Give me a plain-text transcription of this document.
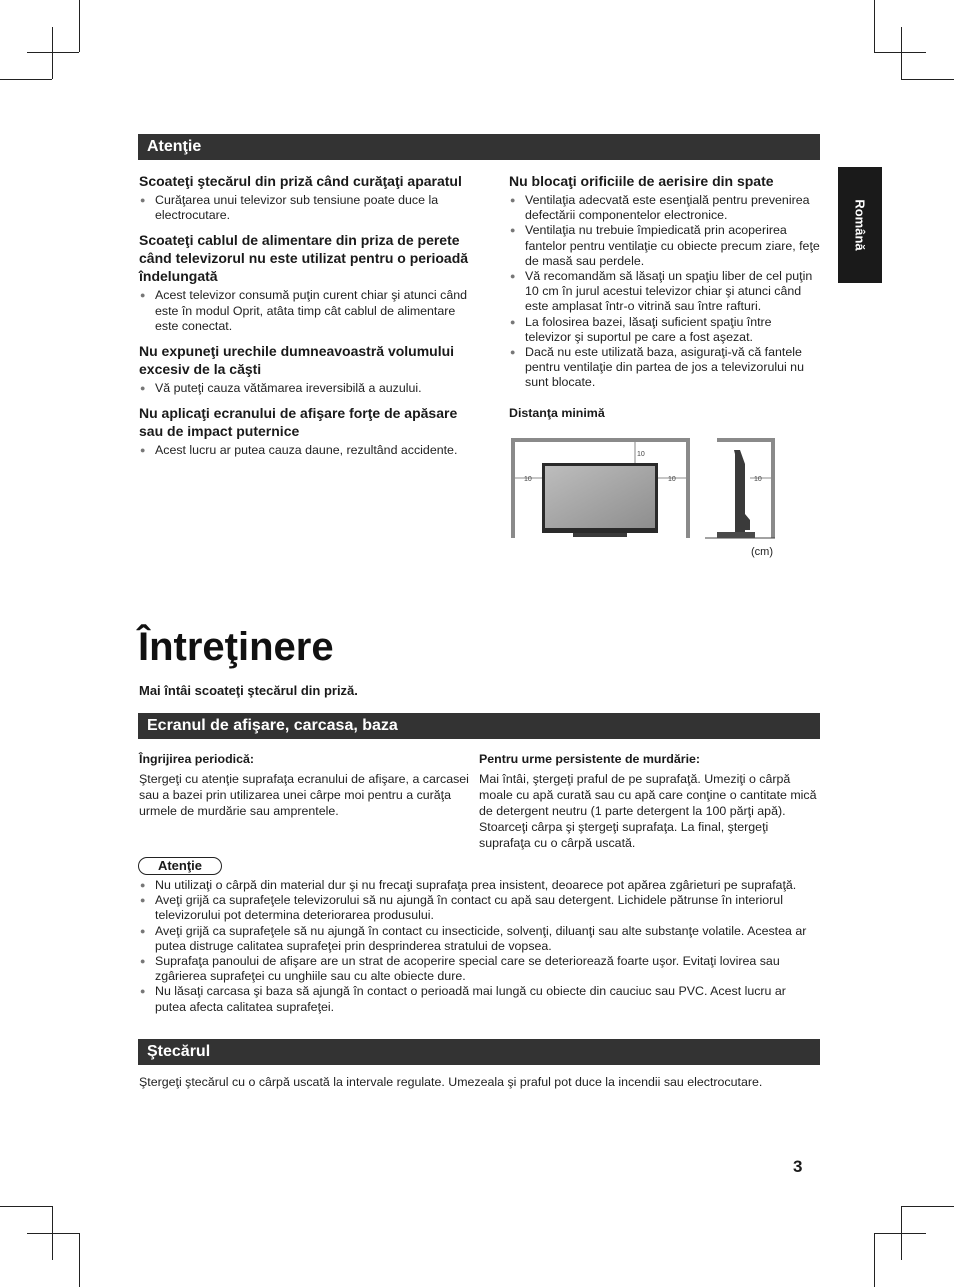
Română
Atenţie
Scoateţi ştecărul din priză când curăţaţi aparatul
● Curăţarea unui televizor sub tensiune poate duce la electrocutare.
Scoateţi cablul de alimentare din priza de perete când televizorul nu este utilizat pentru o perioadă îndelungată
● Acest televizor consumă puţin curent chiar şi atunci când este în modul Oprit, atâta timp cât cablul de alimentare este conectat.
Nu expuneţi urechile dumneavoastră volumului excesiv de la căşti
● Vă puteţi cauza vătămarea ireversibilă a auzului.
Nu aplicaţi ecranului de afişare forţe de apăsare sau de impact puternice
● Acest lucru ar putea cauza daune, rezultând accidente.
Nu blocaţi orificiile de aerisire din spate
● Ventilaţia adecvată este esenţială pentru prevenirea defectării componentelor electronice.
● Ventilaţia nu trebuie împiedicată prin acoperirea fantelor pentru ventilaţie cu obiecte precum ziare, feţe de masă sau perdele.
● Vă recomandăm să lăsaţi un spaţiu liber de cel puţin 10 cm în jurul acestui televizor chiar şi atunci când este amplasat într-o vitrină sau între rafturi.
● La folosirea bazei, lăsaţi suficient spaţiu între televizor şi suportul pe care a fost aşezat.
● Dacă nu este utilizată baza, asiguraţi-vă că fantele pentru ventilaţie din partea de jos a televizorului nu sunt blocate.
Distanţa minimă
10
10	10	10
(cm)
Întreţinere
Mai întâi scoateţi ştecărul din priză.
Ecranul de afişare, carcasa, baza
Îngrijirea periodică:
Ştergeţi cu atenţie suprafaţa ecranului de afişare, a carcasei sau a bazei prin utilizarea unei cârpe moi pentru a curăţa urmele de murdărie sau amprentele.
Pentru urme persistente de murdărie:
Mai întâi, ştergeţi praful de pe suprafaţă. Umeziţi o cârpă moale cu apă curată sau cu apă care conţine o cantitate mică de detergent neutru (1 parte detergent la 100 părţi apă). Stoarceţi cârpa şi ştergeţi suprafaţa. La final, ştergeţi suprafaţa cu o cârpă uscată.
Atenţie
● Nu utilizaţi o cârpă din material dur şi nu frecaţi suprafaţa prea insistent, deoarece pot apărea zgârieturi pe suprafaţă.
● Aveţi grijă ca suprafeţele televizorului să nu ajungă în contact cu apă sau detergent. Lichidele pătrunse în interiorul televizorului pot determina deteriorarea produsului.
● Aveţi grijă ca suprafeţele să nu ajungă în contact cu insecticide, solvenţi, diluanţi sau alte substanţe volatile. Acestea ar putea distruge calitatea suprafeţei prin desprinderea stratului de vopsea.
● Suprafaţa panoului de afişare are un strat de acoperire special care se deteriorează foarte uşor. Evitaţi lovirea sau zgârierea suprafeţei cu unghiile sau cu alte obiecte dure.
● Nu lăsaţi carcasa şi baza să ajungă în contact o perioadă mai lungă cu obiecte din cauciuc sau PVC. Acest lucru ar putea afecta calitatea suprafeţei.
Ştecărul
Ştergeţi ştecărul cu o cârpă uscată la intervale regulate. Umezeala şi praful pot duce la incendii sau electrocutare.
3
